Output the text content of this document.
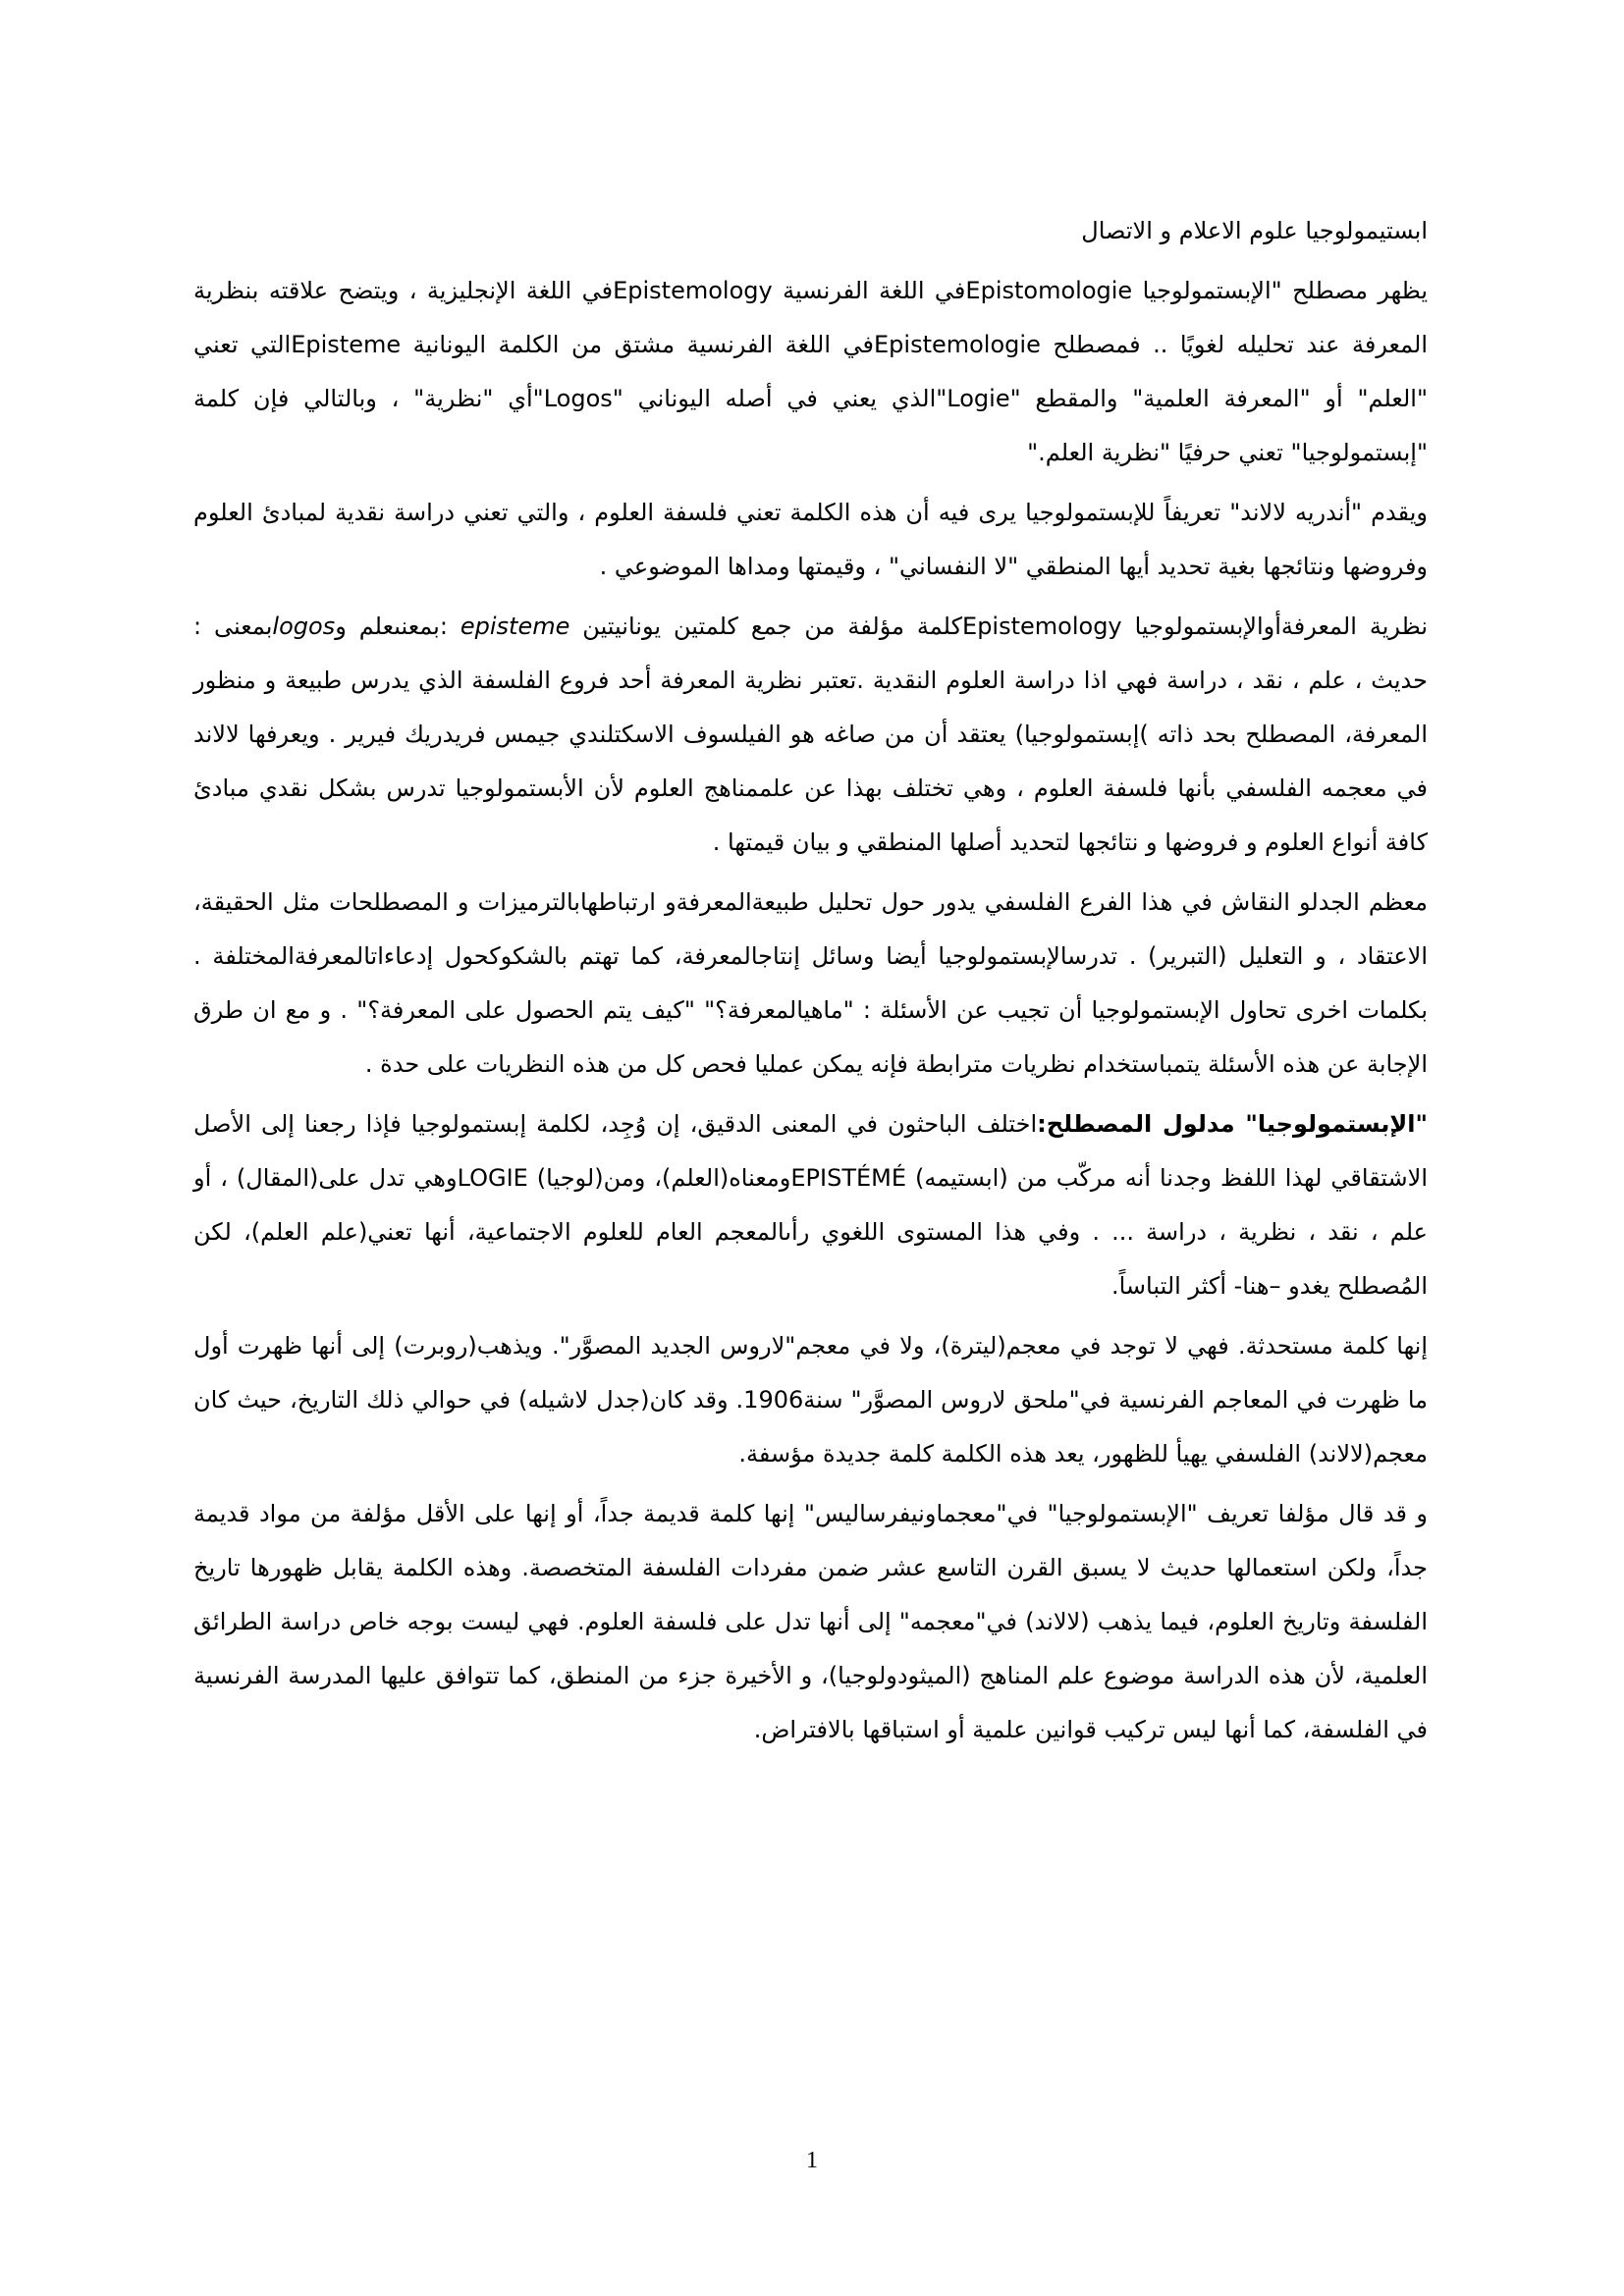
ابستيمولوجيا علوم الاعلام و الاتصال

يظهر مصطلح "الإبستمولوجيا Epistomologieفي اللغة الفرنسية Epistemologyفي اللغة الإنجليزية ، ويتضح علاقته بنظرية المعرفة عند تحليله لغويًا .. فمصطلح Epistemologieفي اللغة الفرنسية مشتق من الكلمة اليونانية Epistemeالتي تعني "العلم" أو "المعرفة العلمية" والمقطع "Logie"الذي يعني في أصله اليوناني "Logos"أي "نظرية" ، وبالتالي فإن كلمة "إبستمولوجيا" تعني حرفيًا "نظرية العلم."

ويقدم "أندريه لالاند" تعريفاً للإبستمولوجيا يرى فيه أن هذه الكلمة تعني فلسفة العلوم ، والتي تعني دراسة نقدية لمبادئ العلوم وفروضها ونتائجها بغية تحديد أيها المنطقي "لا النفساني" ، وقيمتها ومداها الموضوعي .

نظرية المعرفةأوالإبستمولوجيا Epistemologyكلمة مؤلفة من جمع كلمتين يونانيتين episteme :بمعنىعلم وlogosبمعنى : حديث ، علم ، نقد ، دراسة فهي اذا دراسة العلوم النقدية .تعتبر نظرية المعرفة أحد فروع الفلسفة الذي يدرس طبيعة و منظور المعرفة، المصطلح بحد ذاته )إبستمولوجيا) يعتقد أن من صاغه هو الفيلسوف الاسكتلندي جيمس فريدريك فيرير . ويعرفها لالاند في معجمه الفلسفي بأنها فلسفة العلوم ، وهي تختلف بهذا عن علممناهج العلوم لأن الأبستمولوجيا تدرس بشكل نقدي مبادئ كافة أنواع العلوم و فروضها و نتائجها لتحديد أصلها المنطقي و بيان قيمتها .

معظم الجدلو النقاش في هذا الفرع الفلسفي يدور حول تحليل طبيعةالمعرفةو ارتباطهابالترميزات و المصطلحات مثل الحقيقة، الاعتقاد ، و التعليل (التبرير) . تدرسالإبستمولوجيا أيضا وسائل إنتاجالمعرفة، كما تهتم بالشكوكحول إدعاءاتالمعرفةالمختلفة . بكلمات اخرى تحاول الإبستمولوجيا أن تجيب عن الأسئلة : "ماهيالمعرفة؟" "كيف يتم الحصول على المعرفة؟" . و مع ان طرق الإجابة عن هذه الأسئلة يتمباستخدام نظريات مترابطة فإنه يمكن عمليا فحص كل من هذه النظريات على حدة .

"الإبستمولوجيا" مدلول المصطلح:اختلف الباحثون في المعنى الدقيق، إن وُجِد، لكلمة إبستمولوجيا فإذا رجعنا إلى الأصل الاشتقاقي لهذا اللفظ وجدنا أنه مركّب من (ابستيمه) EPISTÉMÉومعناه(العلم)، ومن(لوجيا) LOGIEوهي تدل على(المقال) ، أو علم ، نقد ، نظرية ، دراسة ... . وفي هذا المستوى اللغوي رأىالمعجم العام للعلوم الاجتماعية، أنها تعني(علم العلم)، لكن المُصطلح يغدو –هنا- أكثر التباساً.

إنها كلمة مستحدثة. فهي لا توجد في معجم(ليترة)، ولا في معجم"لاروس الجديد المصوَّر". ويذهب(روبرت) إلى أنها ظهرت أول ما ظهرت في المعاجم الفرنسية في"ملحق لاروس المصوَّر" سنة1906. وقد كان(جدل لاشيله) في حوالي ذلك التاريخ، حيث كان معجم(لالاند) الفلسفي يهيأ للظهور، يعد هذه الكلمة كلمة جديدة مؤسفة.

و قد قال مؤلفا تعريف "الإبستمولوجيا" في"معجماونيفرساليس" إنها كلمة قديمة جداً، أو إنها على الأقل مؤلفة من مواد قديمة جداً، ولكن استعمالها حديث لا يسبق القرن التاسع عشر ضمن مفردات الفلسفة المتخصصة. وهذه الكلمة يقابل ظهورها تاريخ الفلسفة وتاريخ العلوم، فيما يذهب (لالاند) في"معجمه" إلى أنها تدل على فلسفة العلوم. فهي ليست بوجه خاص دراسة الطرائق العلمية، لأن هذه الدراسة موضوع علم المناهج (الميثودولوجيا)، و الأخيرة جزء من المنطق، كما تتوافق عليها المدرسة الفرنسية في الفلسفة، كما أنها ليس تركيب قوانين علمية أو استباقها بالافتراض.

1
